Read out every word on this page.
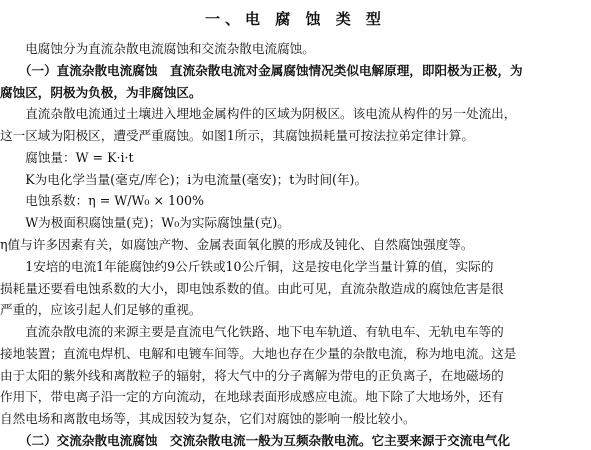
一、电 腐 蚀 类 型
　　电腐蚀分为直流杂散电流腐蚀和交流杂散电流腐蚀。
　　（一）直流杂散电流腐蚀　直流杂散电流对金属腐蚀情况类似电解原理，即阳极为正极，为
腐蚀区，阴极为负极，为非腐蚀区。
　　直流杂散电流通过土壤进入埋地金属构件的区域为阴极区。该电流从构件的另一处流出，
这一区域为阳极区，遭受严重腐蚀。如图1所示，其腐蚀损耗量可按法拉弟定律计算。
　　腐蚀量：W = K·i·t
　　K为电化学当量(毫克/库仑)；i为电流量(毫安)；t为时间(年)。
　　电蚀系数：η = W/W₀ × 100%
　　W为极面积腐蚀量(克)；W₀为实际腐蚀量(克)。
η值与许多因素有关，如腐蚀产物、金属表面氧化膜的形成及钝化、自然腐蚀强度等。
　　1安培的电流1年能腐蚀约9公斤铁或10公斤铜，这是按电化学当量计算的值，实际的
损耗量还要看电蚀系数的大小，即电蚀系数的值。由此可见，直流杂散造成的腐蚀危害是很
严重的，应该引起人们足够的重视。
　　直流杂散电流的来源主要是直流电气化铁路、地下电车轨道、有轨电车、无轨电车等的
接地装置；直流电焊机、电解和电镀车间等。大地也存在少量的杂散电流，称为地电流。这是
由于太阳的紫外线和离散粒子的辐射，将大气中的分子离解为带电的正负离子，在地磁场的
作用下，带电离子沿一定的方向流动，在地球表面形成感应电流。地下除了大地场外，还有
自然电场和离散电场等，其成因较为复杂，它们对腐蚀的影响一般比较小。
　　（二）交流杂散电流腐蚀　交流杂散电流一般为互频杂散电流。它主要来源于交流电气化
